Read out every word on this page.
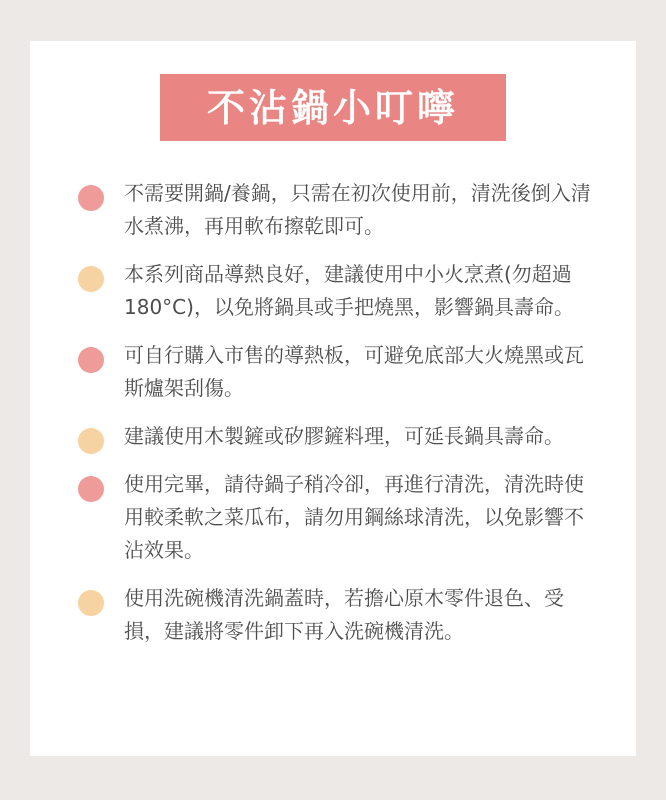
不沾鍋小叮嚀
不需要開鍋/養鍋，只需在初次使用前，清洗後倒入清水煮沸，再用軟布擦乾即可。
本系列商品導熱良好，建議使用中小火烹煮(勿超過180°C)，以免將鍋具或手把燒黑，影響鍋具壽命。
可自行購入市售的導熱板，可避免底部大火燒黑或瓦斯爐架刮傷。
建議使用木製鏟或矽膠鏟料理，可延長鍋具壽命。
使用完畢，請待鍋子稍冷卻，再進行清洗，清洗時使用較柔軟之菜瓜布，請勿用鋼絲球清洗，以免影響不沾效果。
使用洗碗機清洗鍋蓋時，若擔心原木零件退色、受損，建議將零件卸下再入洗碗機清洗。
